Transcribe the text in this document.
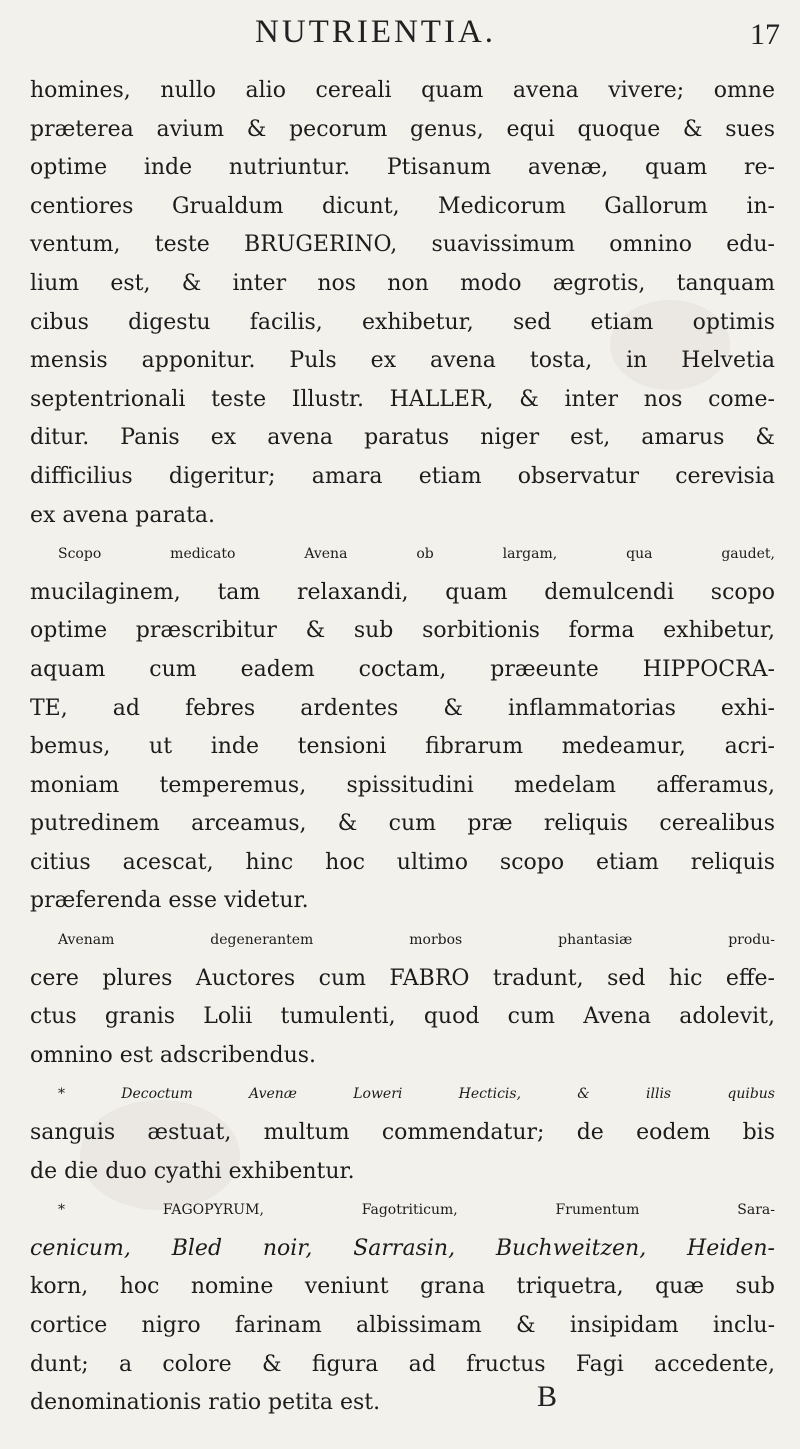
NUTRIENTIA.	17
homines, nullo alio cereali quam avena vivere; omne
præterea avium & pecorum genus, equi quoque & sues
optime inde nutriuntur. Ptisanum avenæ, quam re-
centiores Grualdum dicunt, Medicorum Gallorum in-
ventum, teste BRUGERINO, suavissimum omnino edu-
lium est, & inter nos non modo ægrotis, tanquam
cibus digestu facilis, exhibetur, sed etiam optimis
mensis apponitur. Puls ex avena tosta, in Helvetia
septentrionali teste Illustr. HALLER, & inter nos come-
ditur. Panis ex avena paratus niger est, amarus &
difficilius digeritur; amara etiam observatur cerevisia
ex avena parata.
Scopo medicato Avena ob largam, qua gaudet,
mucilaginem, tam relaxandi, quam demulcendi scopo
optime præscribitur & sub sorbitionis forma exhibetur,
aquam cum eadem coctam, præeunte HIPPOCRA-
TE, ad febres ardentes & inflammatorias exhi-
bemus, ut inde tensioni fibrarum medeamur, acri-
moniam temperemus, spissitudini medelam afferamus,
putredinem arceamus, & cum præ reliquis cerealibus
citius acescat, hinc hoc ultimo scopo etiam reliquis
præferenda esse videtur.
Avenam degenerantem morbos phantasiæ produ-
cere plures Auctores cum FABRO tradunt, sed hic effe-
ctus granis Lolii tumulenti, quod cum Avena adolevit,
omnino est adscribendus.
* Decoctum Avenæ Loweri Hecticis, & illis quibus
sanguis æstuat, multum commendatur; de eodem bis
de die duo cyathi exhibentur.
* FAGOPYRUM, Fagotriticum, Frumentum Sara-
cenicum, Bled noir, Sarrasin, Buchweitzen, Heiden-
korn, hoc nomine veniunt grana triquetra, quæ sub
cortice nigro farinam albissimam & insipidam inclu-
dunt; a colore & figura ad fructus Fagi accedente,
denominationis ratio petita est.	B
